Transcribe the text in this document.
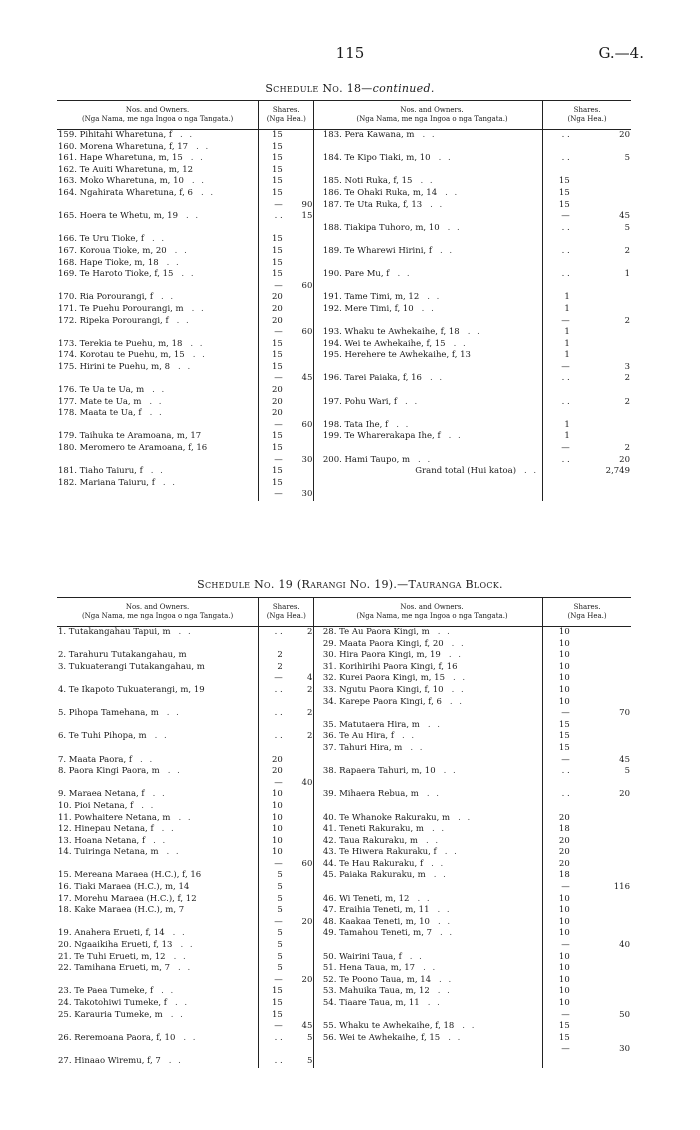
115	G.—4.
Schedule No. 18—continued.
Nos. and Owners.
(Nga Nama, me nga Ingoa o nga Tangata.)	Shares.
(Nga Hea.)			Nos. and Owners.
(Nga Nama, me nga Ingoa o nga Tangata.)	Shares.
(Nga Hea.)	
159. Pihitahi Wharetuna, f . .	15			183. Pera Kawana, m . .	. .	20
160. Morena Wharetuna, f, 17 . .	15					
161. Hape Wharetuna, m, 15 . .	15			184. Te Kipo Tiaki, m, 10 . .	. .	5
162. Te Auiti Wharetuna, m, 12	15					
163. Moko Wharetuna, m, 10 . .	15			185. Noti Ruka, f, 15 . .	15	
164. Ngahirata Wharetuna, f, 6 . .	15			186. Te Ohaki Ruka, m, 14 . .	15	
	—	90		187. Te Uta Ruka, f, 13 . .	15	
165. Hoera te Whetu, m, 19 . .	. .	15			—	45
				188. Tiakipa Tuhoro, m, 10 . .	. .	5
166. Te Uru Tioke, f . .	15					
167. Koroua Tioke, m, 20 . .	15			189. Te Wharewi Hirini, f . .	. .	2
168. Hape Tioke, m, 18 . .	15					
169. Te Haroto Tioke, f, 15 . .	15			190. Pare Mu, f . .	. .	1
	—	60				
170. Ria Porourangi, f . .	20			191. Tame Timi, m, 12 . .	1	
171. Te Puehu Porourangi, m . .	20			192. Mere Timi, f, 10 . .	1	
172. Ripeka Porourangi, f . .	20				—	2
	—	60		193. Whaku te Awhekaihe, f, 18 . .	1	
173. Terekia te Puehu, m, 18 . .	15			194. Wei te Awhekaihe, f, 15 . .	1	
174. Korotau te Puehu, m, 15 . .	15			195. Herehere te Awhekaihe, f, 13	1	
175. Hirini te Puehu, m, 8 . .	15				—	3
	—	45		196. Tarei Paiaka, f, 16 . .	. .	2
176. Te Ua te Ua, m . .	20					
177. Mate te Ua, m . .	20			197. Pohu Wari, f . .	. .	2
178. Maata te Ua, f . .	20					
	—	60		198. Tata Ihe, f . .	1	
179. Taihuka te Aramoana, m, 17	15			199. Te Wharerakapa Ihe, f . .	1	
180. Meromero te Aramoana, f, 16	15				—	2
	—	30		200. Hami Taupo, m . .	. .	20
181. Tiaho Taiuru, f . .	15			Grand total (Hui katoa) . .		2,749
182. Mariana Taiuru, f . .	15					
	—	30				
Schedule No. 19 (Rarangi No. 19).—Tauranga Block.
Nos. and Owners.
(Nga Nama, me nga Ingoa o nga Tangata.)	Shares.
(Nga Hea.)			Nos. and Owners.
(Nga Nama, me nga Ingoa o nga Tangata.)	Shares.
(Nga Hea.)	
1. Tutakangahau Tapui, m . .	. .	2		28. Te Au Paora Kingi, m . .	10	
				29. Maata Paora Kingi, f, 20 . .	10	
2. Tarahuru Tutakangahau, m	2			30. Hira Paora Kingi, m, 19 . .	10	
3. Tukuaterangi Tutakangahau, m	2			31. Korihirihi Paora Kingi, f, 16	10	
	—	4		32. Kurei Paora Kingi, m, 15 . .	10	
4. Te Ikapoto Tukuaterangi, m, 19	. .	2		33. Ngutu Paora Kingi, f, 10 . .	10	
				34. Karepe Paora Kingi, f, 6 . .	10	
5. Pihopa Tamehana, m . .	. .	2			—	70
				35. Matutaera Hira, m . .	15	
6. Te Tuhi Pihopa, m . .	. .	2		36. Te Au Hira, f . .	15	
				37. Tahuri Hira, m . .	15	
7. Maata Paora, f . .	20				—	45
8. Paora Kingi Paora, m . .	20			38. Rapaera Tahuri, m, 10 . .	. .	5
	—	40				
9. Maraea Netana, f . .	10			39. Mihaera Rebua, m . .	. .	20
10. Pioi Netana, f . .	10					
11. Powhaitere Netana, m . .	10			40. Te Whanoke Rakuraku, m . .	20	
12. Hinepau Netana, f . .	10			41. Teneti Rakuraku, m . .	18	
13. Hoana Netana, f . .	10			42. Taua Rakuraku, m . .	20	
14. Tuiringa Netana, m . .	10			43. Te Hiwera Rakuraku, f . .	20	
	—	60		44. Te Hau Rakuraku, f . .	20	
15. Mereana Maraea (H.C.), f, 16	5			45. Paiaka Rakuraku, m . .	18	
16. Tiaki Maraea (H.C.), m, 14	5				—	116
17. Morehu Maraea (H.C.), f, 12	5			46. Wi Teneti, m, 12 . .	10	
18. Kake Maraea (H.C.), m, 7	5			47. Eraihia Teneti, m, 11 . .	10	
	—	20		48. Kaakaa Teneti, m, 10 . .	10	
19. Anahera Erueti, f, 14 . .	5			49. Tamahou Teneti, m, 7 . .	10	
20. Ngaaikiha Erueti, f, 13 . .	5				—	40
21. Te Tuhi Erueti, m, 12 . .	5			50. Wairini Taua, f . .	10	
22. Tamihana Erueti, m, 7 . .	5			51. Hena Taua, m, 17 . .	10	
	—	20		52. Te Poono Taua, m, 14 . .	10	
23. Te Paea Tumeke, f . .	15			53. Mahuika Taua, m, 12 . .	10	
24. Takotohiwi Tumeke, f . .	15			54. Tiaare Taua, m, 11 . .	10	
25. Karauria Tumeke, m . .	15				—	50
	—	45		55. Whaku te Awhekaihe, f, 18 . .	15	
26. Reremoana Paora, f, 10 . .	. .	5		56. Wei te Awhekaihe, f, 15 . .	15	
					—	30
27. Hinaao Wiremu, f, 7 . .	. .	5				
